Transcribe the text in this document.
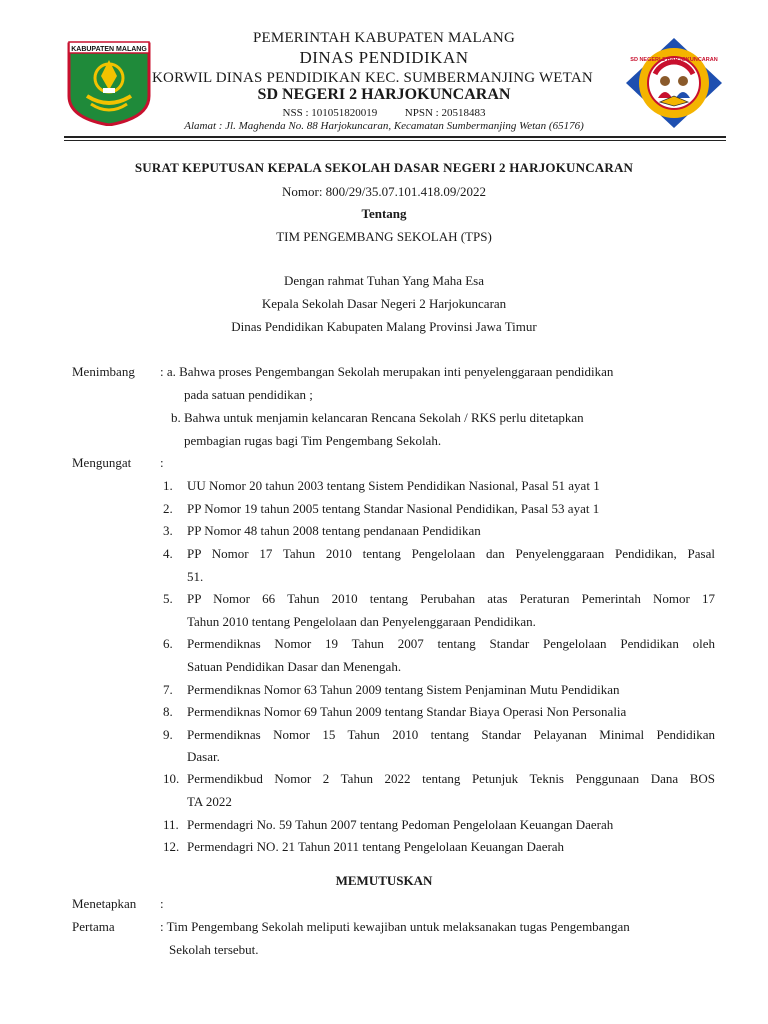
KABUPATEN MALANG
SD NEGERI 2 HARJOKUNCARAN
PEMERINTAH KABUPATEN MALANG
DINAS PENDIDIKAN
KORWIL DINAS PENDIDIKAN KEC. SUMBERMANJING WETAN
SD NEGERI 2 HARJOKUNCARAN
NSS : 101051820019          NPSN : 20518483
Alamat : Jl. Maghenda No. 88 Harjokuncaran, Kecamatan Sumbermanjing Wetan (65176)
SURAT KEPUTUSAN KEPALA SEKOLAH DASAR NEGERI 2 HARJOKUNCARAN
Nomor: 800/29/35.07.101.418.09/2022
Tentang
TIM PENGEMBANG SEKOLAH (TPS)
Dengan rahmat Tuhan Yang Maha Esa
Kepala Sekolah Dasar Negeri 2 Harjokuncaran
Dinas Pendidikan Kabupaten Malang Provinsi Jawa Timur
Menimbang : a. Bahwa proses Pengembangan Sekolah merupakan inti penyelenggaraan pendidikan
pada satuan pendidikan ;
b. Bahwa untuk menjamin kelancaran Rencana Sekolah / RKS perlu ditetapkan
pembagian rugas bagi Tim Pengembang Sekolah.
Mengungat :
1. UU Nomor 20 tahun 2003 tentang Sistem Pendidikan Nasional, Pasal 51 ayat 1
2. PP Nomor 19 tahun 2005 tentang Standar Nasional Pendidikan, Pasal 53 ayat 1
3. PP Nomor 48 tahun 2008 tentang pendanaan Pendidikan
4. PP Nomor 17 Tahun 2010 tentang Pengelolaan dan Penyelenggaraan Pendidikan, Pasal
51.
5. PP Nomor 66 Tahun 2010 tentang Perubahan atas Peraturan Pemerintah Nomor 17
Tahun 2010 tentang Pengelolaan dan Penyelenggaraan Pendidikan.
6. Permendiknas Nomor 19 Tahun 2007 tentang Standar Pengelolaan Pendidikan oleh
Satuan Pendidikan Dasar dan Menengah.
7. Permendiknas Nomor 63 Tahun 2009 tentang Sistem Penjaminan Mutu Pendidikan
8. Permendiknas Nomor 69 Tahun 2009 tentang Standar Biaya Operasi Non Personalia
9. Permendiknas Nomor 15 Tahun 2010 tentang Standar Pelayanan Minimal Pendidikan
Dasar.
10. Permendikbud Nomor 2 Tahun 2022 tentang Petunjuk Teknis Penggunaan Dana BOS
TA 2022
11. Permendagri No. 59 Tahun 2007 tentang Pedoman Pengelolaan Keuangan Daerah
12. Permendagri NO. 21 Tahun 2011 tentang Pengelolaan Keuangan Daerah
MEMUTUSKAN
Menetapkan :
Pertama	: Tim Pengembang Sekolah meliputi kewajiban untuk melaksanakan tugas Pengembangan
Sekolah tersebut.
